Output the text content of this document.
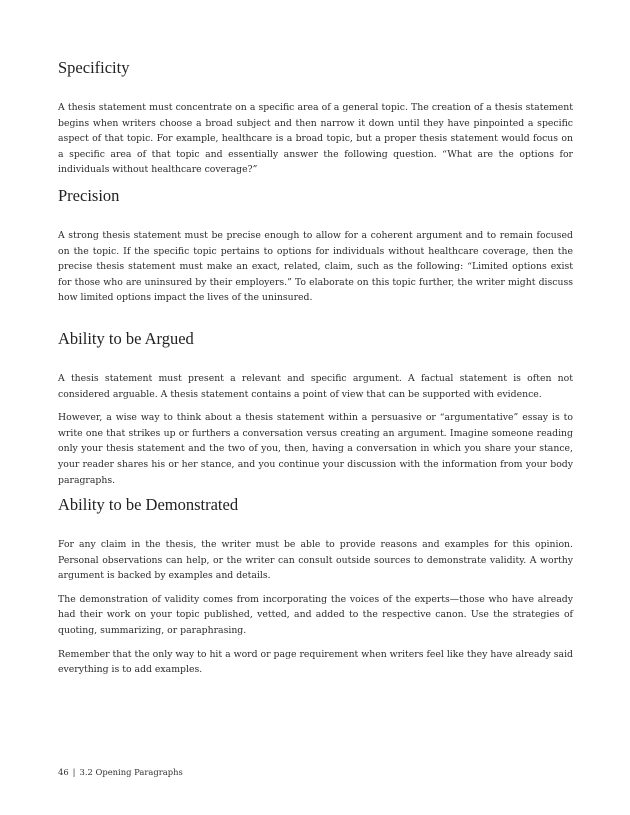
Specificity

A thesis statement must concentrate on a specific area of a general topic. The creation of a thesis statement begins when writers choose a broad subject and then narrow it down until they have pinpointed a specific aspect of that topic. For example, healthcare is a broad topic, but a proper thesis statement would focus on a specific area of that topic and essentially answer the following question. “What are the options for individuals without healthcare coverage?”

Precision

A strong thesis statement must be precise enough to allow for a coherent argument and to remain focused on the topic. If the specific topic pertains to options for individuals without healthcare coverage, then the precise thesis statement must make an exact, related, claim, such as the following: “Limited options exist for those who are uninsured by their employers.” To elaborate on this topic further, the writer might discuss how limited options impact the lives of the uninsured.

Ability to be Argued

A thesis statement must present a relevant and specific argument. A factual statement is often not considered arguable. A thesis statement contains a point of view that can be supported with evidence.

However, a wise way to think about a thesis statement within a persuasive or “argumentative” essay is to write one that strikes up or furthers a conversation versus creating an argument. Imagine someone reading only your thesis statement and the two of you, then, having a conversation in which you share your stance, your reader shares his or her stance, and you continue your discussion with the information from your body paragraphs.

Ability to be Demonstrated

For any claim in the thesis, the writer must be able to provide reasons and examples for this opinion. Personal observations can help, or the writer can consult outside sources to demonstrate validity. A worthy argument is backed by examples and details.

The demonstration of validity comes from incorporating the voices of the experts—those who have already had their work on your topic published, vetted, and added to the respective canon. Use the strategies of quoting, summarizing, or paraphrasing.

Remember that the only way to hit a word or page requirement when writers feel like they have already said everything is to add examples.

46 | 3.2 Opening Paragraphs
